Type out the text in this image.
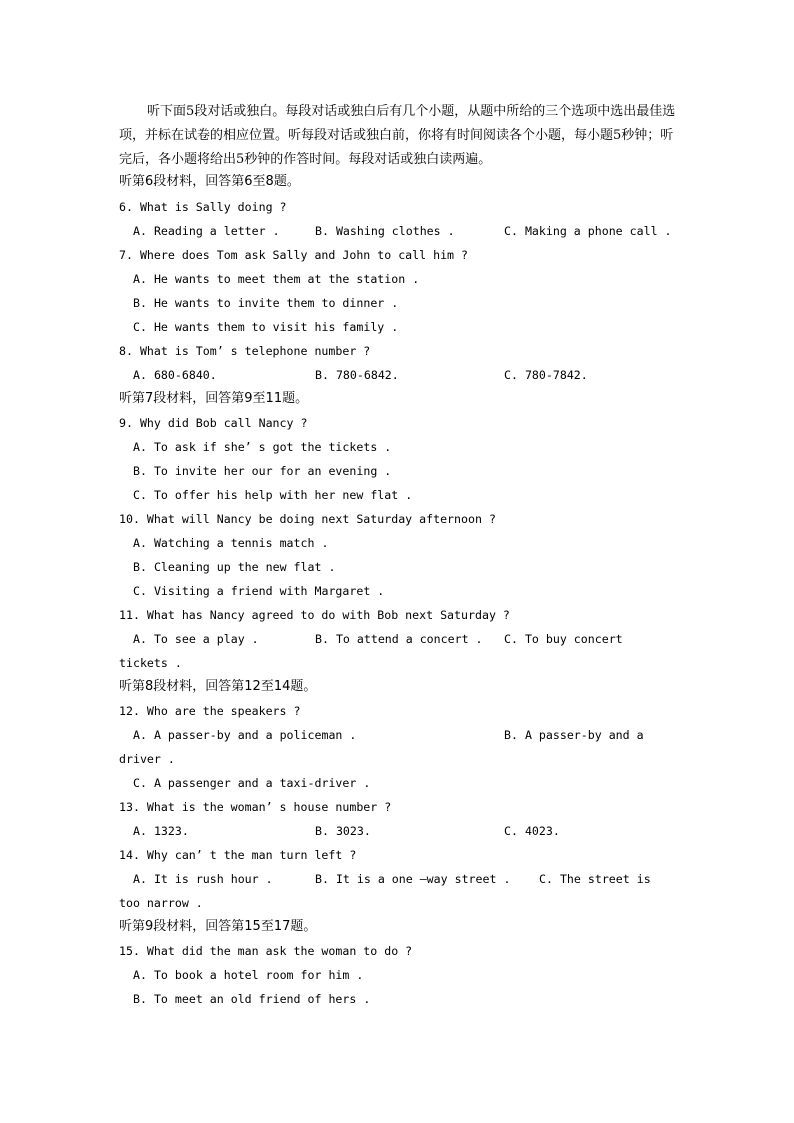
听下面5段对话或独白。每段对话或独白后有几个小题，从题中所给的三个选项中选出最佳选项，并标在试卷的相应位置。听每段对话或独白前，你将有时间阅读各个小题，每小题5秒钟；听完后，各小题将给出5秒钟的作答时间。每段对话或独白读两遍。
听第6段材料，回答第6至8题。
6. What is Sally doing ?
A. Reading a letter .	B. Washing clothes .	C. Making a phone call .
7. Where does Tom ask Sally and John to call him ?
A. He wants to meet them at the station .
B. He wants to invite them to dinner .
C. He wants them to visit his family .
8. What is Tom’ s telephone number ?
A. 680-6840.	B. 780-6842.	C. 780-7842.
听第7段材料，回答第9至11题。
9. Why did Bob call Nancy ?
A. To ask if she’ s got the tickets .
B. To invite her our for an evening .
C. To offer his help with her new flat .
10. What will Nancy be doing next Saturday afternoon ?
A. Watching a tennis match .
B. Cleaning up the new flat .
C. Visiting a friend with Margaret .
11. What has Nancy agreed to do with Bob next Saturday ?
A. To see a play .	B. To attend a concert . C. To buy concert
tickets .
听第8段材料，回答第12至14题。
12. Who are the speakers ?
A. A passer-by and a policeman .	B. A passer-by and a
driver .
C. A passenger and a taxi-driver .
13. What is the woman’ s house number ?
A. 1323.	B. 3023.	C. 4023.
14. Why can’ t the man turn left ?
A. It is rush hour .	B. It is a one –way street . C. The street is
too narrow .
听第9段材料，回答第15至17题。
15. What did the man ask the woman to do ?
A. To book a hotel room for him .
B. To meet an old friend of hers .
